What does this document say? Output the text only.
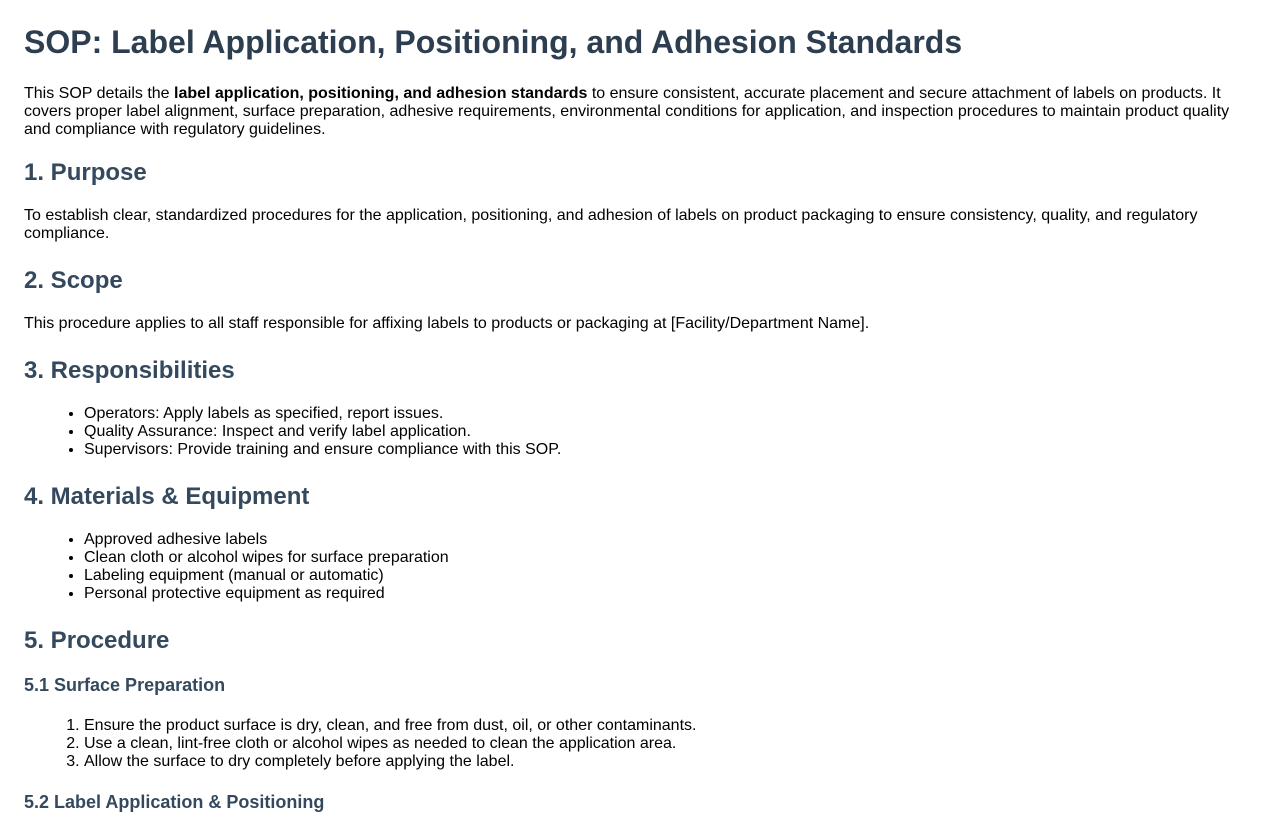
SOP: Label Application, Positioning, and Adhesion Standards

This SOP details the label application, positioning, and adhesion standards to ensure consistent, accurate placement and secure attachment of labels on products. It covers proper label alignment, surface preparation, adhesive requirements, environmental conditions for application, and inspection procedures to maintain product quality and compliance with regulatory guidelines.

1. Purpose

To establish clear, standardized procedures for the application, positioning, and adhesion of labels on product packaging to ensure consistency, quality, and regulatory compliance.

2. Scope

This procedure applies to all staff responsible for affixing labels to products or packaging at [Facility/Department Name].

3. Responsibilities
• Operators: Apply labels as specified, report issues.
• Quality Assurance: Inspect and verify label application.
• Supervisors: Provide training and ensure compliance with this SOP.
4. Materials & Equipment
• Approved adhesive labels
• Clean cloth or alcohol wipes for surface preparation
• Labeling equipment (manual or automatic)
• Personal protective equipment as required
5. Procedure
5.1 Surface Preparation
1. Ensure the product surface is dry, clean, and free from dust, oil, or other contaminants.
2. Use a clean, lint-free cloth or alcohol wipes as needed to clean the application area.
3. Allow the surface to dry completely before applying the label.
5.2 Label Application & Positioning
